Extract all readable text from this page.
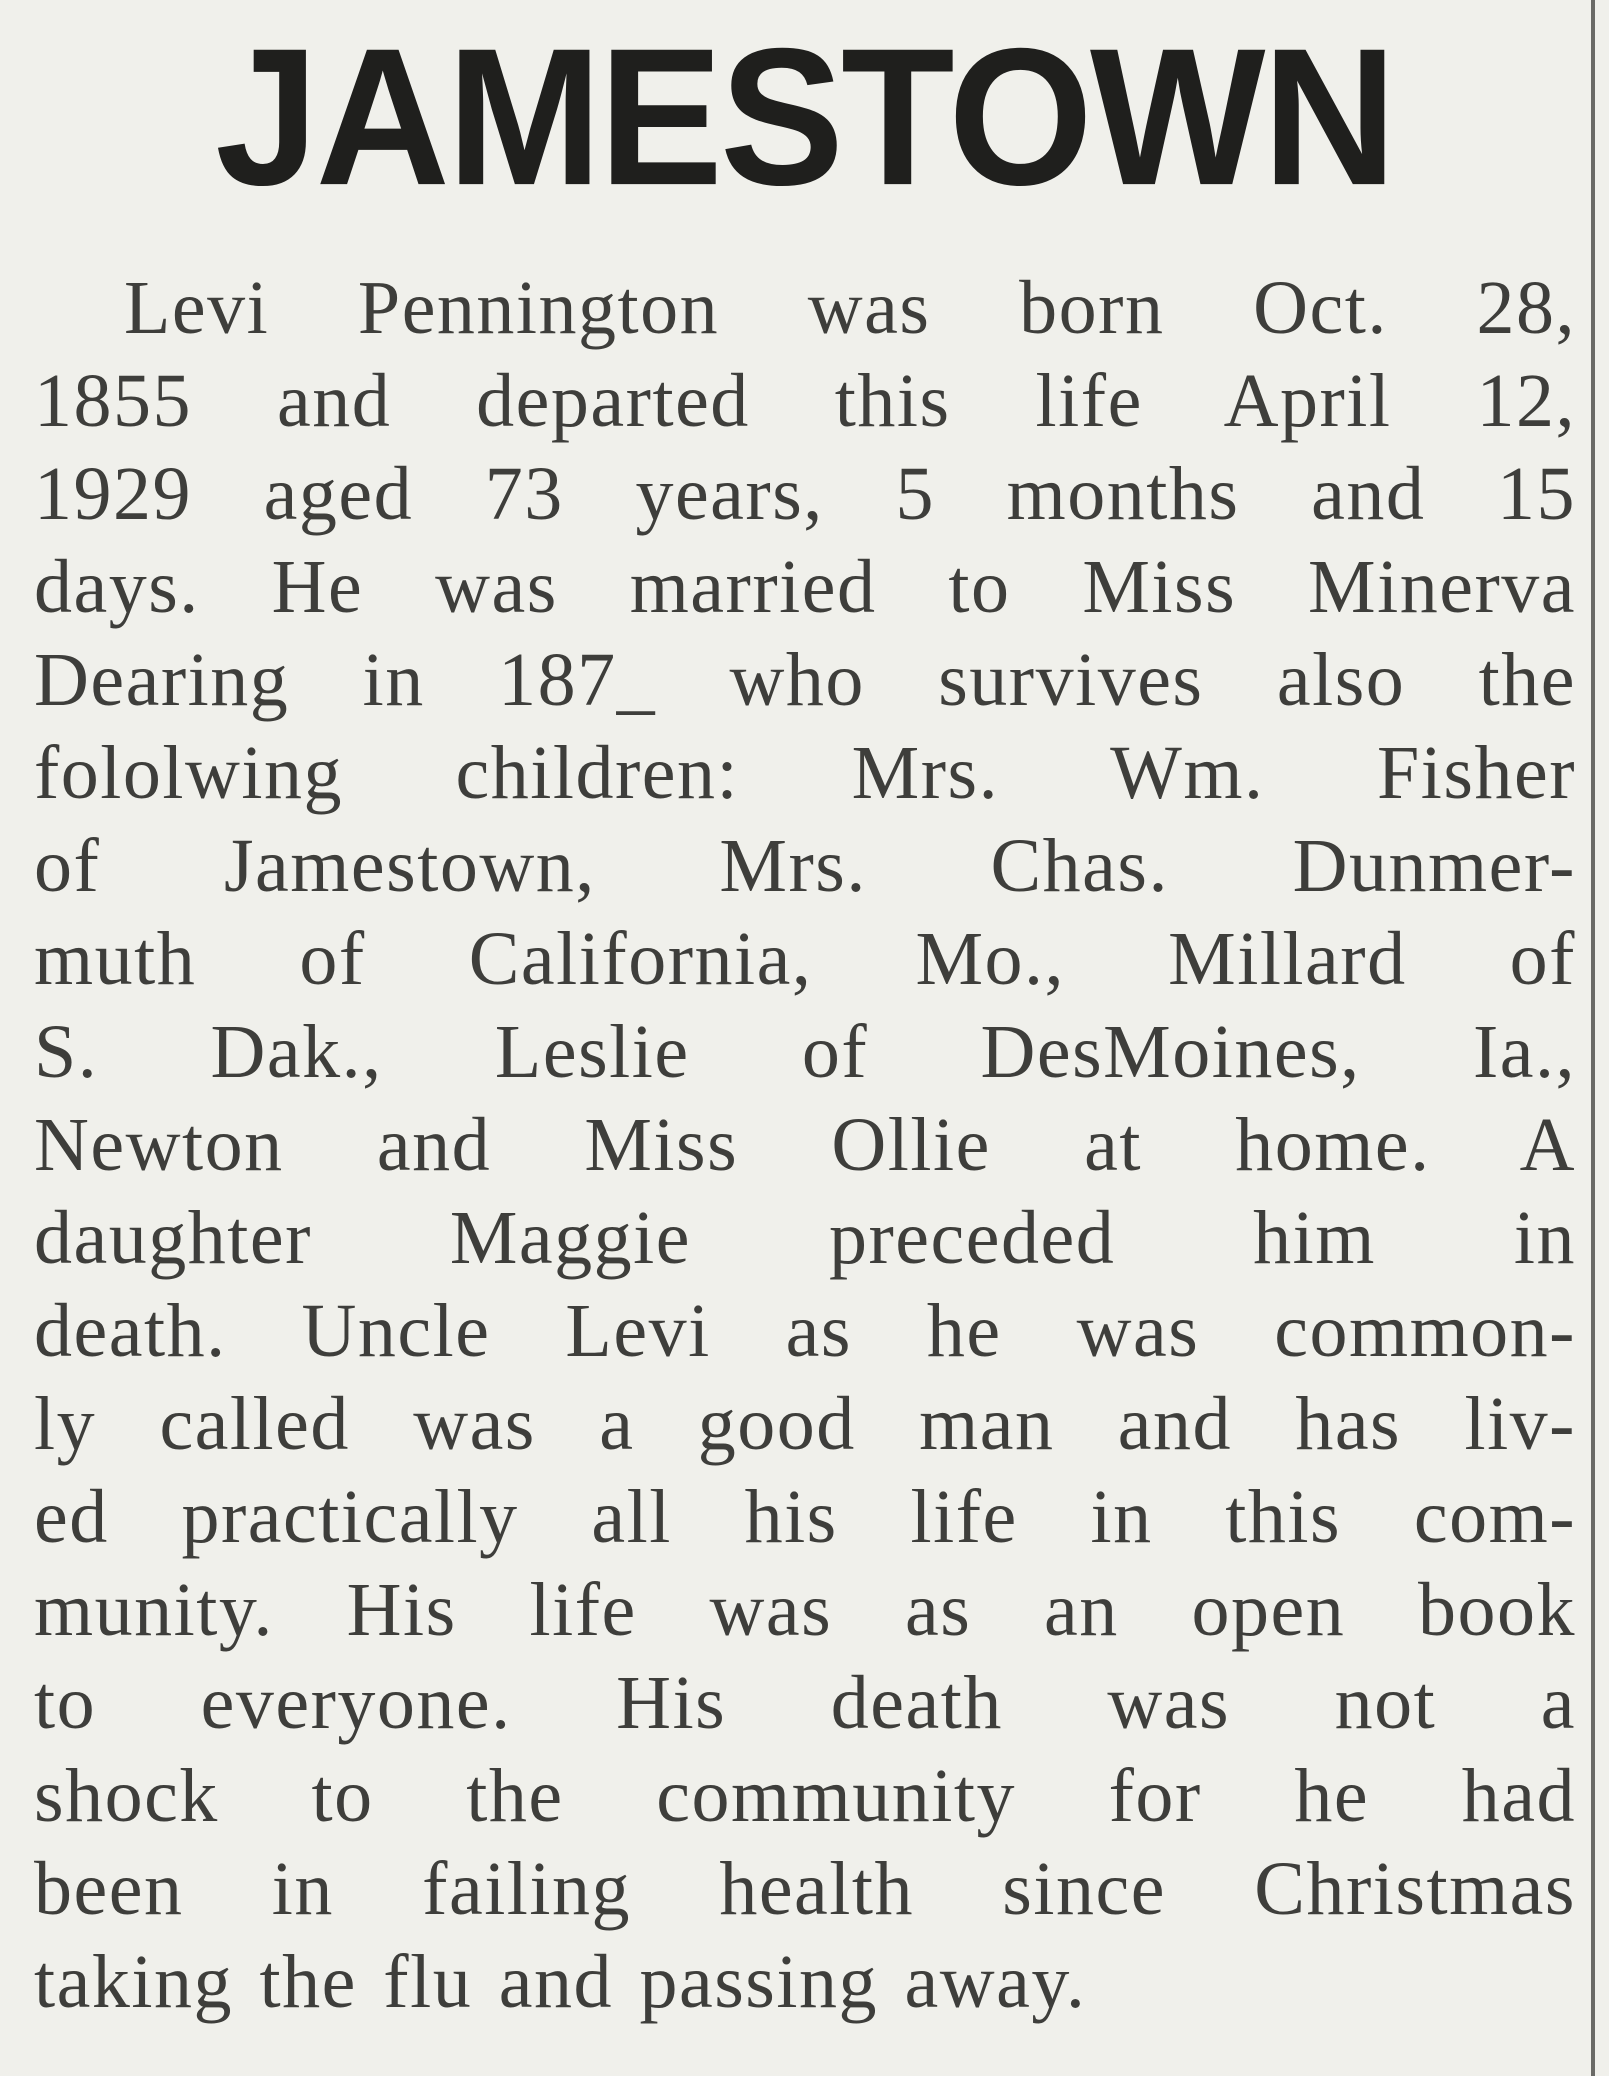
JAMESTOWN
Levi Pennington was born Oct. 28,
1855 and departed this life April 12,
1929 aged 73 years, 5 months and 15
days. He was married to Miss Minerva
Dearing in 187_ who survives also the
fololwing children: Mrs. Wm. Fisher
of Jamestown, Mrs. Chas. Dunmer-
muth of California, Mo., Millard of
S. Dak., Leslie of DesMoines, Ia.,
Newton and Miss Ollie at home. A
daughter Maggie preceded him in
death. Uncle Levi as he was common-
ly called was a good man and has liv-
ed practically all his life in this com-
munity. His life was as an open book
to everyone. His death was not a
shock to the community for he had
been in failing health since Christmas
taking the flu and passing away.
